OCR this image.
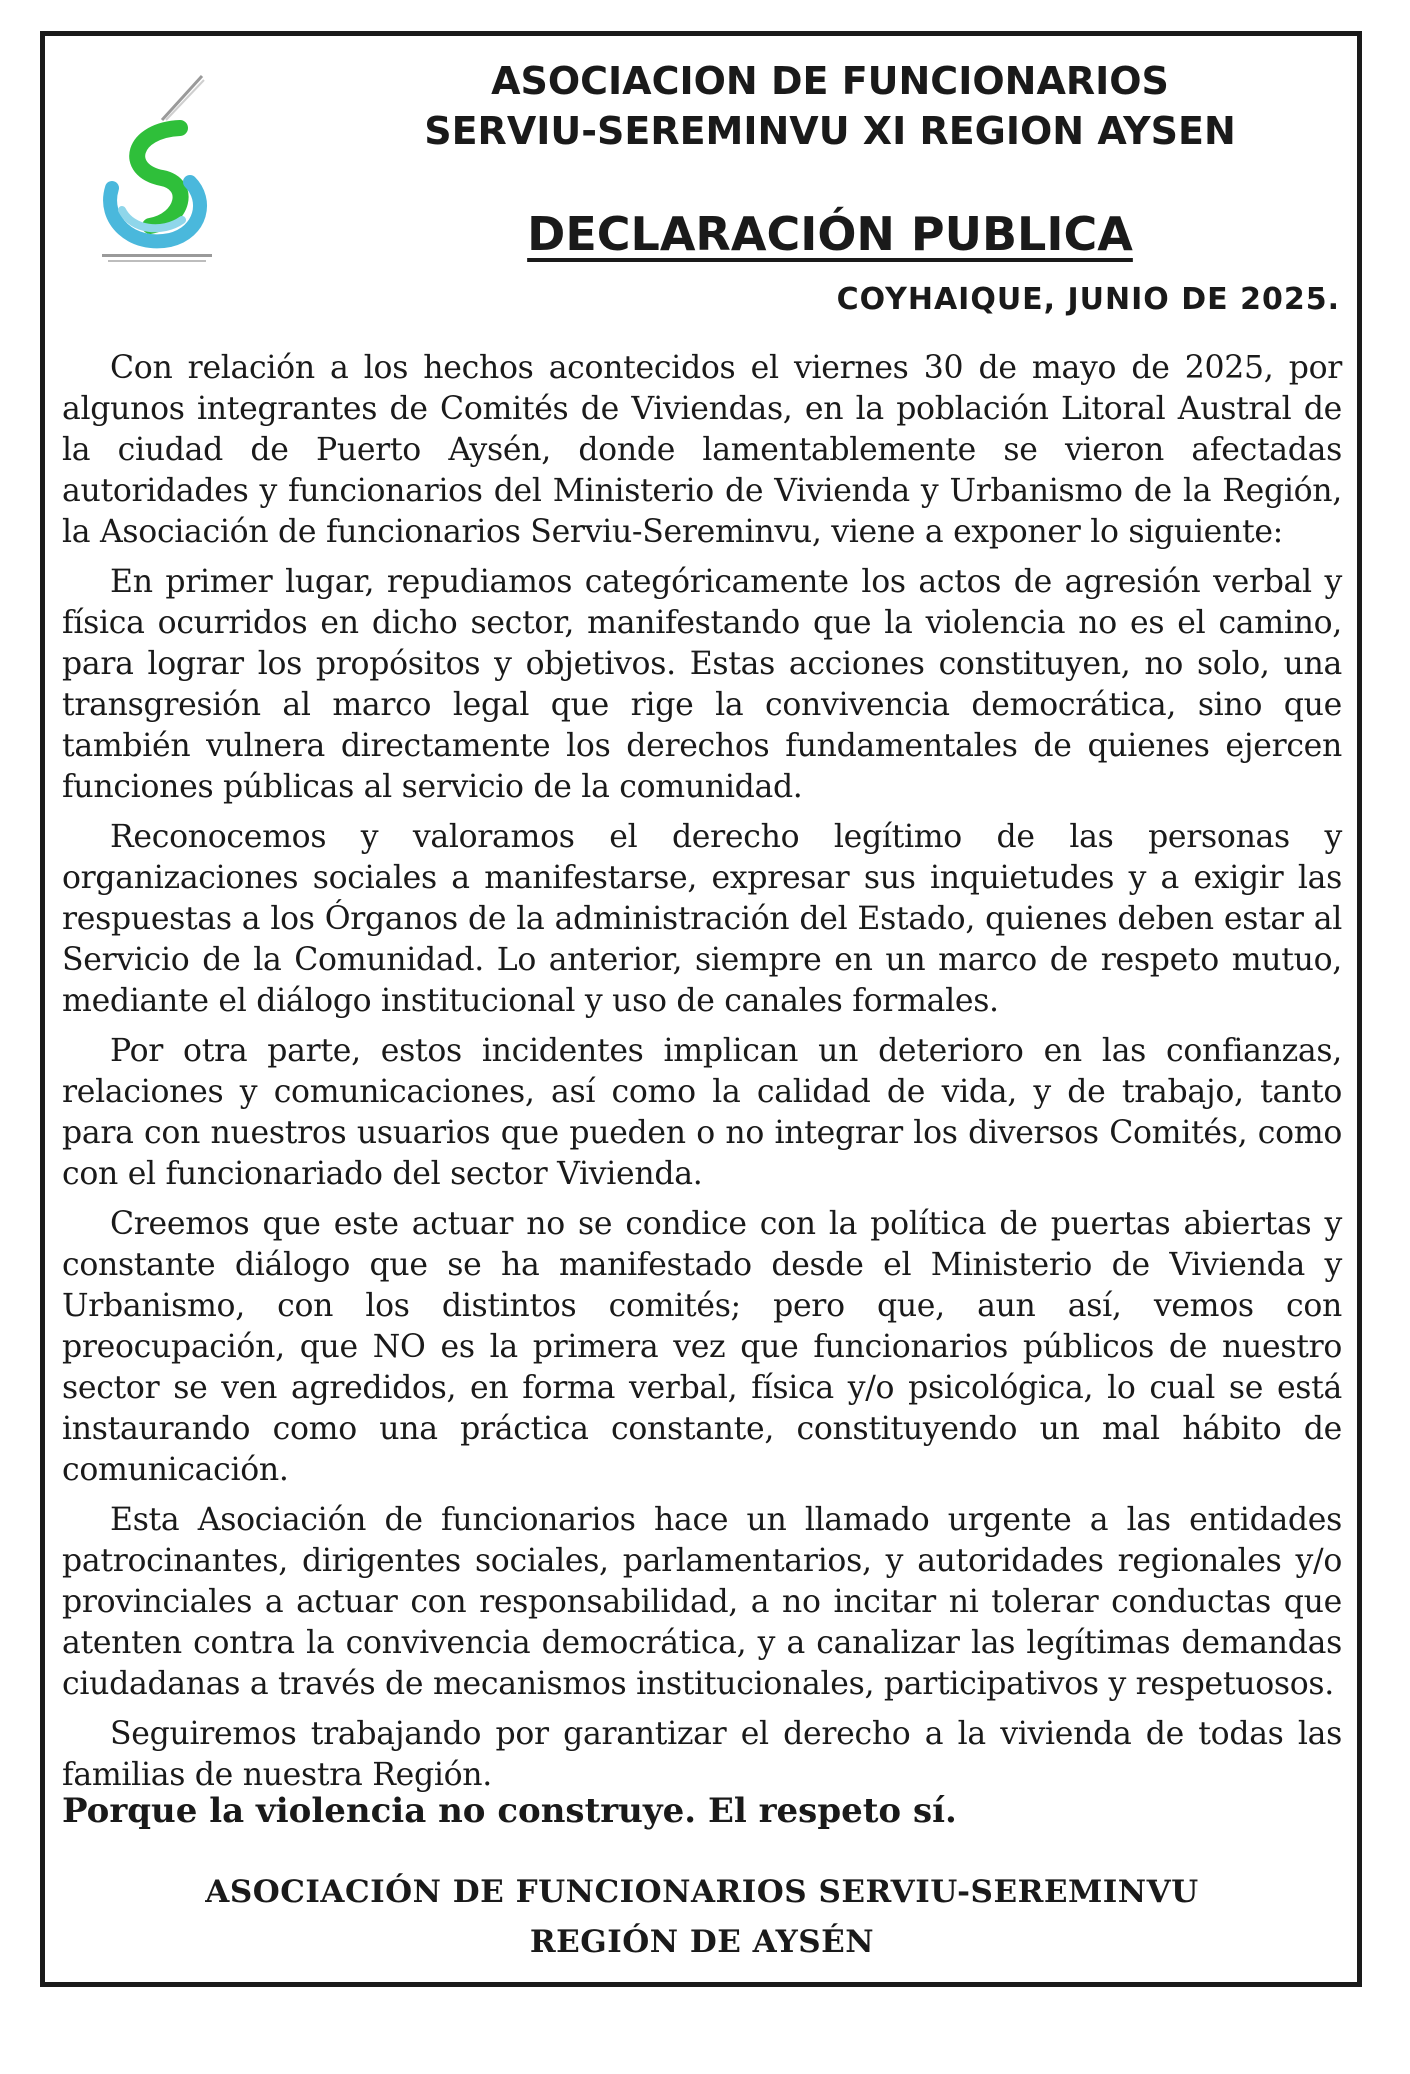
ASOCIACION DE FUNCIONARIOS
SERVIU-SEREMINVU XI REGION AYSEN
DECLARACIÓN PUBLICA
COYHAIQUE, JUNIO DE 2025.

Con relación a los hechos acontecidos el viernes 30 de mayo de 2025, por algunos integrantes de Comités de Viviendas, en la población Litoral Austral de la ciudad de Puerto Aysén, donde lamentablemente se vieron afectadas autoridades y funcionarios del Ministerio de Vivienda y Urbanismo de la Región, la Asociación de funcionarios Serviu-Sereminvu, viene a exponer lo siguiente:

En primer lugar, repudiamos categóricamente los actos de agresión verbal y física ocurridos en dicho sector, manifestando que la violencia no es el camino, para lograr los propósitos y objetivos. Estas acciones constituyen, no solo, una transgresión al marco legal que rige la convivencia democrática, sino que también vulnera directamente los derechos fundamentales de quienes ejercen funciones públicas al servicio de la comunidad.

Reconocemos y valoramos el derecho legítimo de las personas y organizaciones sociales a manifestarse, expresar sus inquietudes y a exigir las respuestas a los Órganos de la administración del Estado, quienes deben estar al Servicio de la Comunidad. Lo anterior, siempre en un marco de respeto mutuo, mediante el diálogo institucional y uso de canales formales.

Por otra parte, estos incidentes implican un deterioro en las confianzas, relaciones y comunicaciones, así como la calidad de vida, y de trabajo, tanto para con nuestros usuarios que pueden o no integrar los diversos Comités, como con el funcionariado del sector Vivienda.

Creemos que este actuar no se condice con la política de puertas abiertas y constante diálogo que se ha manifestado desde el Ministerio de Vivienda y Urbanismo, con los distintos comités; pero que, aun así, vemos con preocupación, que NO es la primera vez que funcionarios públicos de nuestro sector se ven agredidos, en forma verbal, física y/o psicológica, lo cual se está instaurando como una práctica constante, constituyendo un mal hábito de comunicación.

Esta Asociación de funcionarios hace un llamado urgente a las entidades patrocinantes, dirigentes sociales, parlamentarios, y autoridades regionales y/o provinciales a actuar con responsabilidad, a no incitar ni tolerar conductas que atenten contra la convivencia democrática, y a canalizar las legítimas demandas ciudadanas a través de mecanismos institucionales, participativos y respetuosos.

Seguiremos trabajando por garantizar el derecho a la vivienda de todas las familias de nuestra Región.

Porque la violencia no construye. El respeto sí.

ASOCIACIÓN DE FUNCIONARIOS SERVIU-SEREMINVU

REGIÓN DE AYSÉN
